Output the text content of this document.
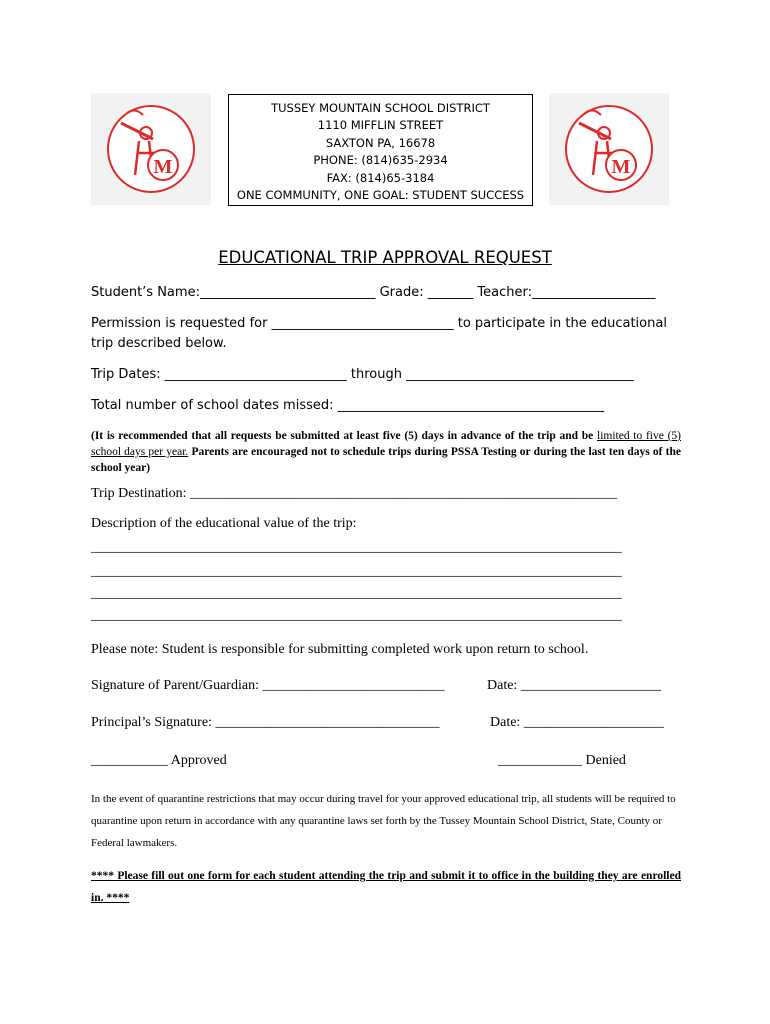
M	M
TUSSEY MOUNTAIN SCHOOL DISTRICT
1110 MIFFLIN STREET
SAXTON PA, 16678
PHONE: (814)635-2934
FAX: (814)65-3184
ONE COMMUNITY, ONE GOAL: STUDENT SUCCESS
EDUCATIONAL TRIP APPROVAL REQUEST
Student’s Name:___________________________ Grade: _______ Teacher:___________________
Permission is requested for ____________________________ to participate in the educational
trip described below.
Trip Dates: ____________________________ through ___________________________________
Total number of school dates missed: _________________________________________
(It is recommended that all requests be submitted at least five (5) days in advance of the trip and be limited to five (5) school days per year. Parents are encouraged not to schedule trips during PSSA Testing or during the last ten days of the school year)
Trip Destination: _____________________________________________________________
Description of the educational value of the trip:
______________________________________________________________________________
______________________________________________________________________________
______________________________________________________________________________
______________________________________________________________________________
Please note: Student is responsible for submitting completed work upon return to school.
Signature of Parent/Guardian: __________________________	Date: ____________________
Principal’s Signature: ________________________________	Date: ____________________
___________ Approved	____________ Denied
In the event of quarantine restrictions that may occur during travel for your approved educational trip, all students will be required to quarantine upon return in accordance with any quarantine laws set forth by the Tussey Mountain School District, State, County or Federal lawmakers.
**** Please fill out one form for each student attending the trip and submit it to office in the building they are enrolled in. ****
